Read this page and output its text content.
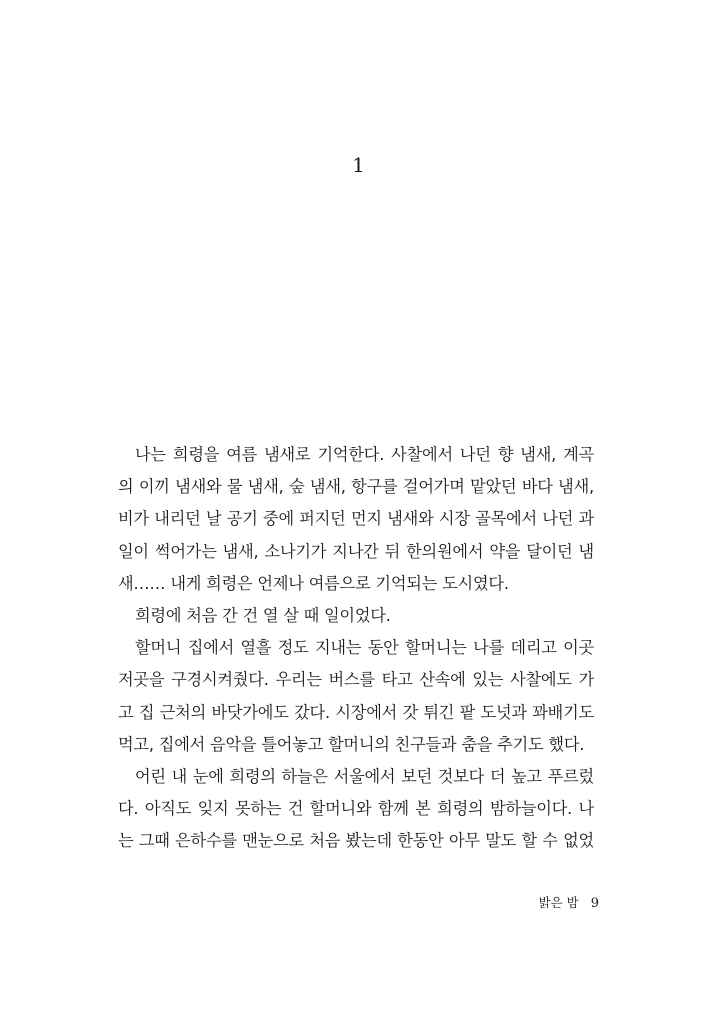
1
나는 희령을 여름 냄새로 기억한다. 사찰에서 나던 향 냄새, 계곡
의 이끼 냄새와 물 냄새, 숲 냄새, 항구를 걸어가며 맡았던 바다 냄새,
비가 내리던 날 공기 중에 퍼지던 먼지 냄새와 시장 골목에서 나던 과
일이 썩어가는 냄새, 소나기가 지나간 뒤 한의원에서 약을 달이던 냄
새…… 내게 희령은 언제나 여름으로 기억되는 도시였다.
희령에 처음 간 건 열 살 때 일이었다.
할머니 집에서 열흘 정도 지내는 동안 할머니는 나를 데리고 이곳
저곳을 구경시켜줬다. 우리는 버스를 타고 산속에 있는 사찰에도 가
고 집 근처의 바닷가에도 갔다. 시장에서 갓 튀긴 팥 도넛과 꽈배기도
먹고, 집에서 음악을 틀어놓고 할머니의 친구들과 춤을 추기도 했다.
어린 내 눈에 희령의 하늘은 서울에서 보던 것보다 더 높고 푸르렀
다. 아직도 잊지 못하는 건 할머니와 함께 본 희령의 밤하늘이다. 나
는 그때 은하수를 맨눈으로 처음 봤는데 한동안 아무 말도 할 수 없었
밝은 밤 9
